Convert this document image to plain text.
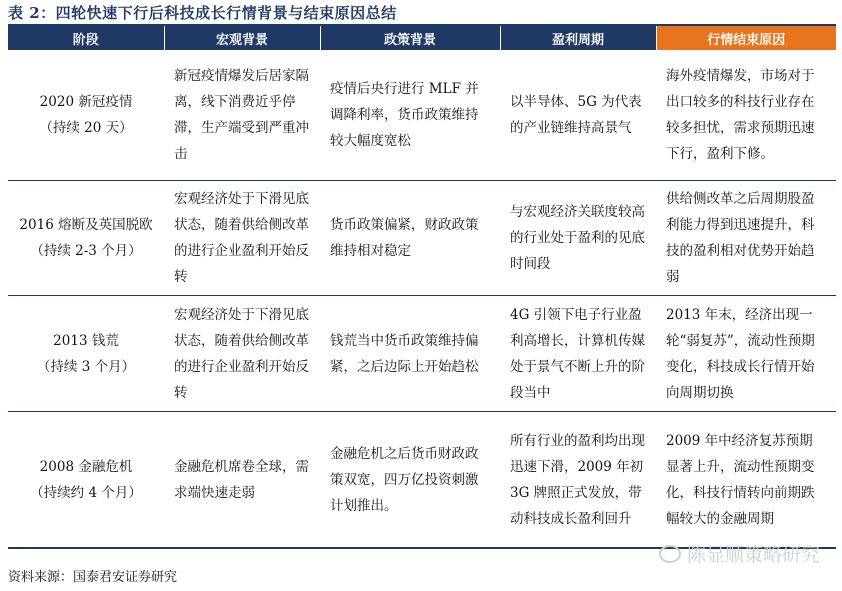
表 2：四轮快速下行后科技成长行情背景与结束原因总结
阶段	宏观背景	政策背景	盈利周期	行情结束原因

2020 新冠疫情
（持续 20 天）	新冠疫情爆发后居家隔离，线下消费近乎停滞，生产端受到严重冲击	疫情后央行进行 MLF 并调降利率，货币政策维持较大幅度宽松	以半导体、5G 为代表的产业链维持高景气	海外疫情爆发，市场对于出口较多的科技行业存在较多担忧，需求预期迅速下行，盈利下修。

2016 熔断及英国脱欧
（持续 2-3 个月）	宏观经济处于下滑见底状态，随着供给侧改革的进行企业盈利开始反转	货币政策偏紧，财政政策维持相对稳定	与宏观经济关联度较高的行业处于盈利的见底时间段	供给侧改革之后周期股盈利能力得到迅速提升，科技的盈利相对优势开始趋弱

2013 钱荒
（持续 3 个月）	宏观经济处于下滑见底状态，随着供给侧改革的进行企业盈利开始反转	钱荒当中货币政策维持偏紧，之后边际上开始趋松	4G 引领下电子行业盈利高增长，计算机传媒处于景气不断上升的阶段当中	2013 年末，经济出现一轮“弱复苏”，流动性预期变化，科技成长行情开始向周期切换

2008 金融危机
（持续约 4 个月）	金融危机席卷全球，需求端快速走弱	金融危机之后货币财政政策双宽，四万亿投资刺激计划推出。	所有行业的盈利均出现迅速下滑，2009 年初 3G 牌照正式发放，带动科技成长盈利回升	2009 年中经济复苏预期显著上升，流动性预期变化，科技行情转向前期跌幅较大的金融周期
陈显顺策略研究
资料来源：国泰君安证券研究
